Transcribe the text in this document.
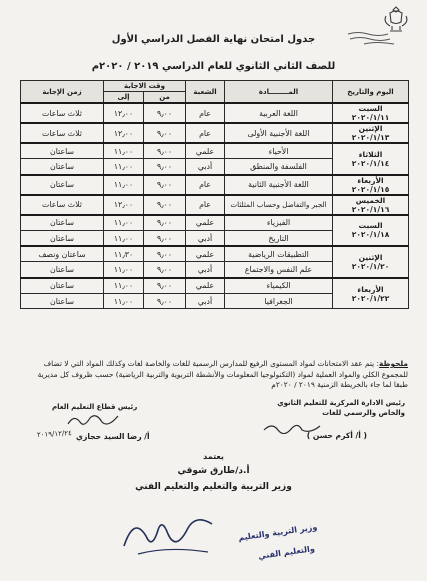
جدول امتحان نهاية الفصل الدراسي الأول
للصف الثاني الثانوي للعام الدراسي ٢٠١٩ / ٢٠٢٠م
اليوم والتاريخ	المــــــــادة	الشعبة	وقت الاجابة		زمن الإجابة
			من	إلى	

السبت
٢٠٢٠/١/١١	اللغة العربية	عام	٩٫٠٠	١٢٫٠٠	ثلاث ساعات

الإثنين
٢٠٢٠/١/١٣	اللغة الأجنبية الأولى	عام	٩٫٠٠	١٢٫٠٠	ثلاث ساعات

الثلاثاء
٢٠٢٠/١/١٤	الأحياء	علمي	٩٫٠٠	١١٫٠٠	ساعتان
	الفلسفة والمنطق	أدبي	٩٫٠٠	١١٫٠٠	ساعتان

الأربعاء
٢٠٢٠/١/١٥	اللغة الأجنبية الثانية	عام	٩٫٠٠	١١٫٠٠	ساعتان

الخميس
٢٠٢٠/١/١٦	الجبر والتفاضل وحساب المثلثات	عام	٩٫٠٠	١٢٫٠٠	ثلاث ساعات

السبت
٢٠٢٠/١/١٨	الفيزياء	علمي	٩٫٠٠	١١٫٠٠	ساعتان
	التاريخ	أدبي	٩٫٠٠	١١٫٠٠	ساعتان

الإثنين
٢٠٢٠/١/٢٠	التطبيقات الرياضية	علمي	٩٫٠٠	١١٫٣٠	ساعتان ونصف
	علم النفس والاجتماع	أدبي	٩٫٠٠	١١٫٠٠	ساعتان

الأربعاء
٢٠٢٠/١/٢٢	الكيمياء	علمي	٩٫٠٠	١١٫٠٠	ساعتان
	الجغرافيا	أدبي	٩٫٠٠	١١٫٠٠	ساعتان
ملحوظة: يتم عقد الامتحانات لمواد المستوى الرفيع للمدارس الرسمية للغات والخاصة لغات وكذلك المواد التي لا تضاف للمجموع الكلي والمواد العملية لمواد (التكنولوجيا المعلومات والأنشطة التربوية والتربية الرياضية) حسب ظروف كل مديرية طبقا لما جاء بالخريطة الزمنية ٢٠١٩ / ٢٠٢٠م
رئيس الادارة المركزية للتعليم الثانوي والخاص والرسمي للغات
( أ/ أكرم حسن )
رئيس قطاع التعليم العام
٢٠١٩/١٢/٢٤ أ/ رضا السيد حجازي
يعتمد
أ.د/طارق شوقي
وزير التربية والتعليم والتعليم الفني
وزير التربية والتعليم
والتعليم الفني
